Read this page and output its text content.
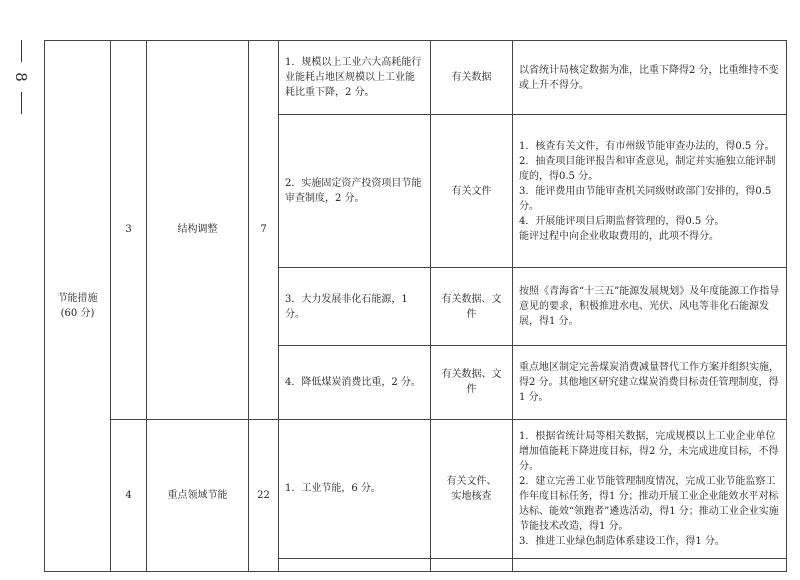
8
节能措施
(60 分)	3	结构调整	7	1．规模以上工业六大高耗能行业能耗占地区规模以上工业能耗比重下降，2 分。	有关数据	以省统计局核定数据为准，比重下降得2 分，比重维持不变或上升不得分。

				2．实施固定资产投资项目节能审查制度，2 分。	有关文件	1．核查有关文件，有市州级节能审查办法的，得0.5 分。
2．抽查项目能评报告和审查意见，制定并实施独立能评制度的，得0.5 分。
3．能评费用由节能审查机关同级财政部门安排的，得0.5 分。
4．开展能评项目后期监督管理的，得0.5 分。
能评过程中向企业收取费用的，此项不得分。

				3．大力发展非化石能源，1 分。	有关数据、文件	按照《青海省“十三五”能源发展规划》及年度能源工作指导意见的要求，积极推进水电、光伏、风电等非化石能源发展，得1 分。

				4．降低煤炭消费比重，2 分。	有关数据、文件	重点地区制定完善煤炭消费减量替代工作方案并组织实施，得2 分。其他地区研究建立煤炭消费目标责任管理制度，得1 分。

	4	重点领域节能	22	1．工业节能，6 分。	有关文件、
实地核查	1．根据省统计局等相关数据，完成规模以上工业企业单位增加值能耗下降进度目标，得2 分，未完成进度目标，不得分。
2．建立完善工业节能管理制度情况，完成工业节能监察工作年度目标任务，得1 分；推动开展工业企业能效水平对标达标、能效“领跑者”遴选活动，得1 分；推动工业企业实施节能技术改造，得1 分。
3．推进工业绿色制造体系建设工作，得1 分。
